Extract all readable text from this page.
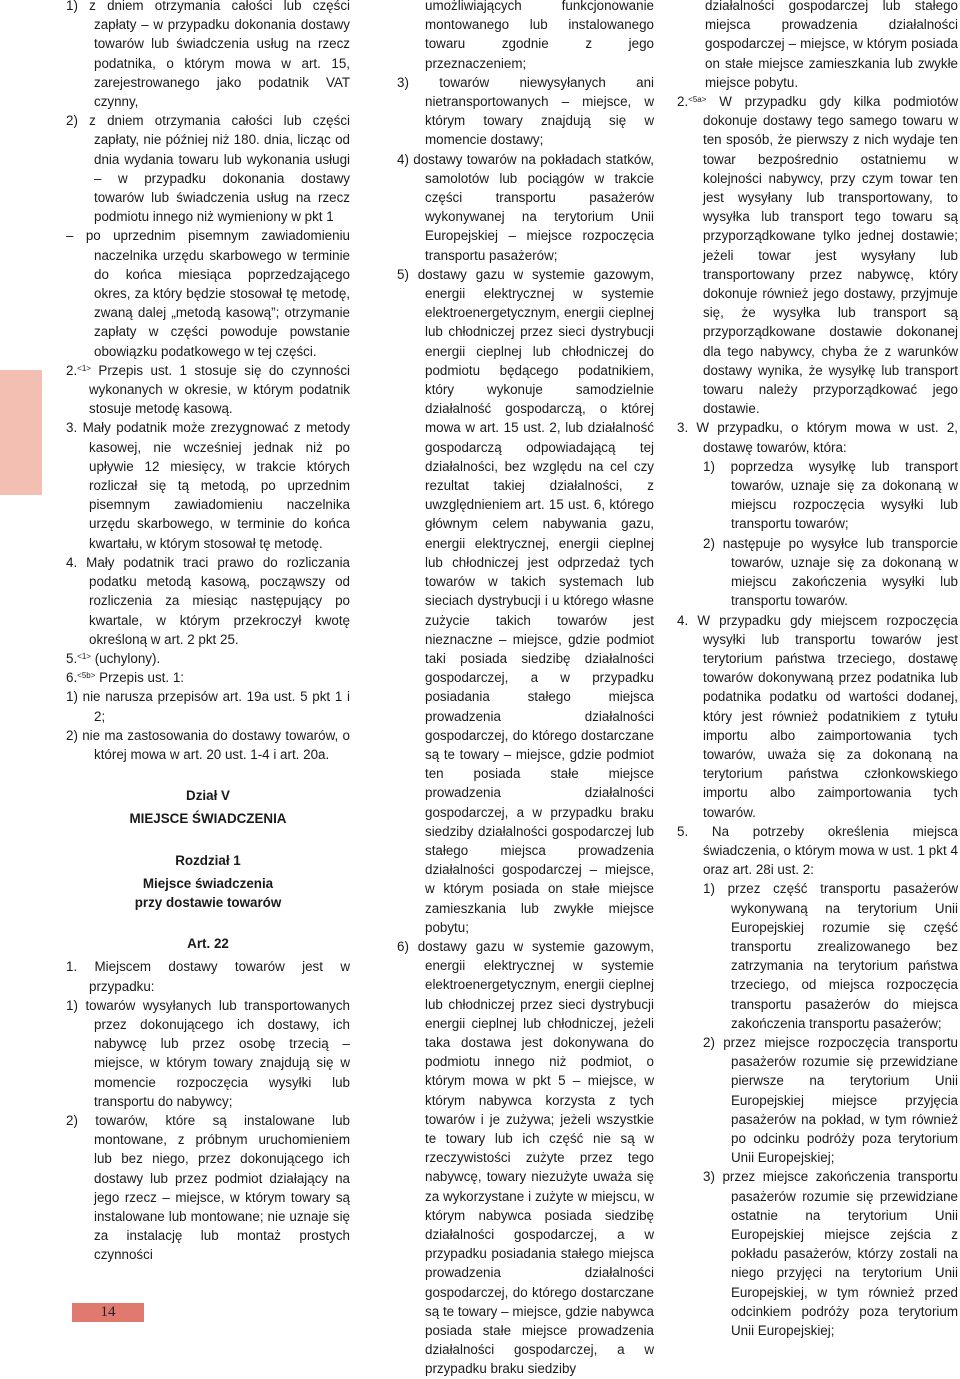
1) z dniem otrzymania całości lub części zapłaty – w przypadku dokonania dostawy towarów lub świadczenia usług na rzecz podatnika, o którym mowa w art. 15, zarejestrowanego jako podatnik VAT czynny,

2) z dniem otrzymania całości lub części zapłaty, nie później niż 180. dnia, licząc od dnia wydania towaru lub wykonania usługi – w przypadku dokonania dostawy towarów lub świadczenia usług na rzecz podmiotu innego niż wymieniony w pkt 1

– po uprzednim pisemnym zawiadomieniu naczelnika urzędu skarbowego w terminie do końca miesiąca poprzedzającego okres, za który będzie stosował tę metodę, zwaną dalej „metodą kasową”; otrzymanie zapłaty w części powoduje powstanie obowiązku podatkowego w tej części.

2.$^{<1>}$ Przepis ust. 1 stosuje się do czynności wykonanych w okresie, w którym podatnik stosuje metodę kasową.

3. Mały podatnik może zrezygnować z metody kasowej, nie wcześniej jednak niż po upływie 12 miesięcy, w trakcie których rozliczał się tą metodą, po uprzednim pisemnym zawiadomieniu naczelnika urzędu skarbowego, w terminie do końca kwartału, w którym stosował tę metodę.

4. Mały podatnik traci prawo do rozliczania podatku metodą kasową, począwszy od rozliczenia za miesiąc następujący po kwartale, w którym przekroczył kwotę określoną w art. 2 pkt 25.

5.$^{<1>}$ (uchylony).

6.$^{<5b>}$ Przepis ust. 1:

1) nie narusza przepisów art. 19a ust. 5 pkt 1 i 2;

2) nie ma zastosowania do dostawy towarów, o której mowa w art. 20 ust. 1-4 i art. 20a.

Dział V

MIEJSCE ŚWIADCZENIA

Rozdział 1

Miejsce świadczenia

przy dostawie towarów

Art. 22

1. Miejscem dostawy towarów jest w przypadku:

1) towarów wysyłanych lub transportowanych przez dokonującego ich dostawy, ich nabywcę lub przez osobę trzecią – miejsce, w którym towary znajdują się w momencie rozpoczęcia wysyłki lub transportu do nabywcy;

2) towarów, które są instalowane lub montowane, z próbnym uruchomieniem lub bez niego, przez dokonującego ich dostawy lub przez podmiot działający na jego rzecz – miejsce, w którym towary są instalowane lub montowane; nie uznaje się za instalację lub montaż prostych czynności

umożliwiających funkcjonowanie montowanego lub instalowanego towaru zgodnie z jego przeznaczeniem;

3) towarów niewysyłanych ani nietransportowanych – miejsce, w którym towary znajdują się w momencie dostawy;

4) dostawy towarów na pokładach statków, samolotów lub pociągów w trakcie części transportu pasażerów wykonywanej na terytorium Unii Europejskiej – miejsce rozpoczęcia transportu pasażerów;

5) dostawy gazu w systemie gazowym, energii elektrycznej w systemie elektroenergetycznym, energii cieplnej lub chłodniczej przez sieci dystrybucji energii cieplnej lub chłodniczej do podmiotu będącego podatnikiem, który wykonuje samodzielnie działalność gospodarczą, o której mowa w art. 15 ust. 2, lub działalność gospodarczą odpowiadającą tej działalności, bez względu na cel czy rezultat takiej działalności, z uwzględnieniem art. 15 ust. 6, którego głównym celem nabywania gazu, energii elektrycznej, energii cieplnej lub chłodniczej jest odprzedaż tych towarów w takich systemach lub sieciach dystrybucji i u którego własne zużycie takich towarów jest nieznaczne – miejsce, gdzie podmiot taki posiada siedzibę działalności gospodarczej, a w przypadku posiadania stałego miejsca prowadzenia działalności gospodarczej, do którego dostarczane są te towary – miejsce, gdzie podmiot ten posiada stałe miejsce prowadzenia działalności gospodarczej, a w przypadku braku siedziby działalności gospodarczej lub stałego miejsca prowadzenia działalności gospodarczej – miejsce, w którym posiada on stałe miejsce zamieszkania lub zwykłe miejsce pobytu;

6) dostawy gazu w systemie gazowym, energii elektrycznej w systemie elektroenergetycznym, energii cieplnej lub chłodniczej przez sieci dystrybucji energii cieplnej lub chłodniczej, jeżeli taka dostawa jest dokonywana do podmiotu innego niż podmiot, o którym mowa w pkt 5 – miejsce, w którym nabywca korzysta z tych towarów i je zużywa; jeżeli wszystkie te towary lub ich część nie są w rzeczywistości zużyte przez tego nabywcę, towary niezużyte uważa się za wykorzystane i zużyte w miejscu, w którym nabywca posiada siedzibę działalności gospodarczej, a w przypadku posiadania stałego miejsca prowadzenia działalności gospodarczej, do którego dostarczane są te towary – miejsce, gdzie nabywca posiada stałe miejsce prowadzenia działalności gospodarczej, a w przypadku braku siedziby

działalności gospodarczej lub stałego miejsca prowadzenia działalności gospodarczej – miejsce, w którym posiada on stałe miejsce zamieszkania lub zwykłe miejsce pobytu.

2.$^{<5a>}$ W przypadku gdy kilka podmiotów dokonuje dostawy tego samego towaru w ten sposób, że pierwszy z nich wydaje ten towar bezpośrednio ostatniemu w kolejności nabywcy, przy czym towar ten jest wysyłany lub transportowany, to wysyłka lub transport tego towaru są przyporządkowane tylko jednej dostawie; jeżeli towar jest wysyłany lub transportowany przez nabywcę, który dokonuje również jego dostawy, przyjmuje się, że wysyłka lub transport są przyporządkowane dostawie dokonanej dla tego nabywcy, chyba że z warunków dostawy wynika, że wysyłkę lub transport towaru należy przyporządkować jego dostawie.

3. W przypadku, o którym mowa w ust. 2, dostawę towarów, która:

1) poprzedza wysyłkę lub transport towarów, uznaje się za dokonaną w miejscu rozpoczęcia wysyłki lub transportu towarów;

2) następuje po wysyłce lub transporcie towarów, uznaje się za dokonaną w miejscu zakończenia wysyłki lub transportu towarów.

4. W przypadku gdy miejscem rozpoczęcia wysyłki lub transportu towarów jest terytorium państwa trzeciego, dostawę towarów dokonywaną przez podatnika lub podatnika podatku od wartości dodanej, który jest również podatnikiem z tytułu importu albo zaimportowania tych towarów, uważa się za dokonaną na terytorium państwa członkowskiego importu albo zaimportowania tych towarów.

5. Na potrzeby określenia miejsca świadczenia, o którym mowa w ust. 1 pkt 4 oraz art. 28i ust. 2:

1) przez część transportu pasażerów wykonywaną na terytorium Unii Europejskiej rozumie się część transportu zrealizowanego bez zatrzymania na terytorium państwa trzeciego, od miejsca rozpoczęcia transportu pasażerów do miejsca zakończenia transportu pasażerów;

2) przez miejsce rozpoczęcia transportu pasażerów rozumie się przewidziane pierwsze na terytorium Unii Europejskiej miejsce przyjęcia pasażerów na pokład, w tym również po odcinku podróży poza terytorium Unii Europejskiej;

3) przez miejsce zakończenia transportu pasażerów rozumie się przewidziane ostatnie na terytorium Unii Europejskiej miejsce zejścia z pokładu pasażerów, którzy zostali na niego przyjęci na terytorium Unii Europejskiej, w tym również przed odcinkiem podróży poza terytorium Unii Europejskiej;

14
